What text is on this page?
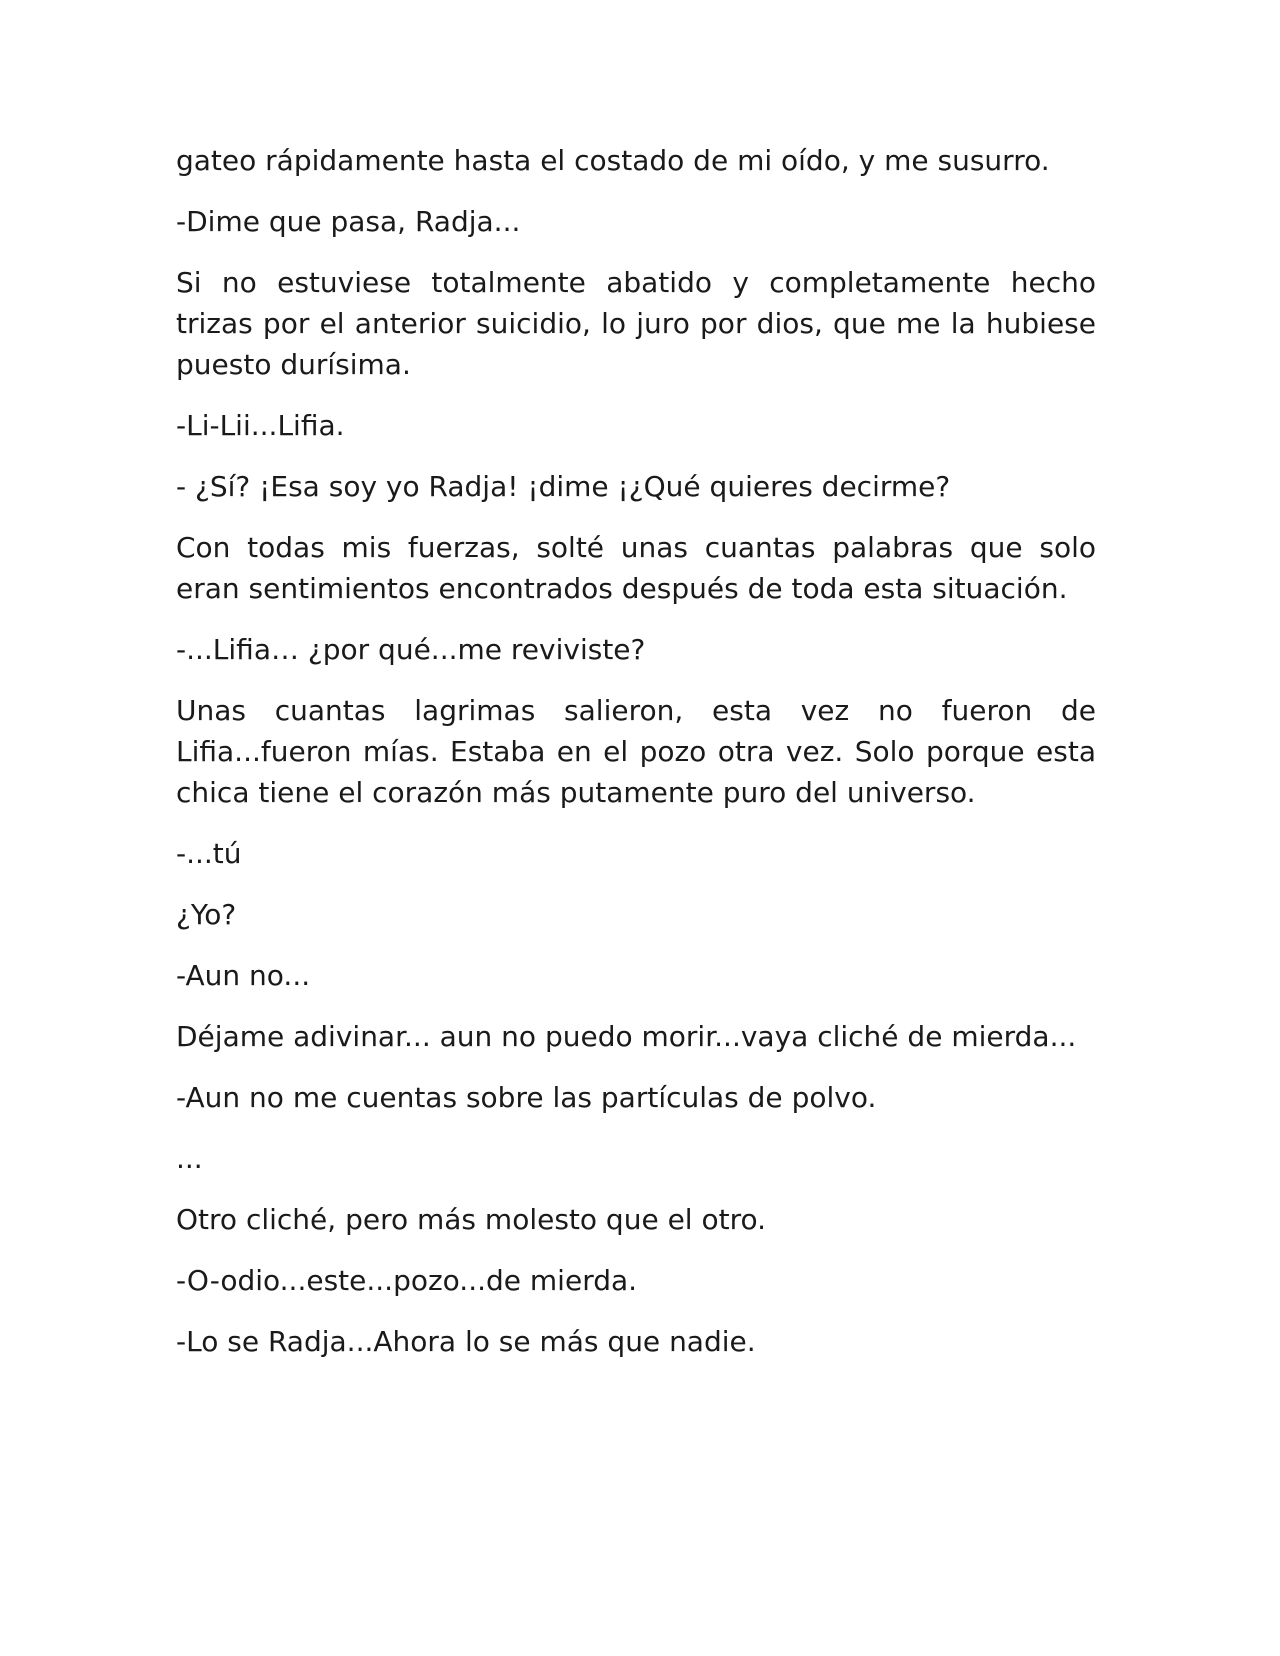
gateo rápidamente hasta el costado de mi oído, y me susurro.

-Dime que pasa, Radja...

Si no estuviese totalmente abatido y completamente hecho trizas por el anterior suicidio, lo juro por dios, que me la hubiese puesto durísima.

-Li-Lii...Lifia.

- ¿Sí? ¡Esa soy yo Radja! ¡dime ¡¿Qué quieres decirme?

Con todas mis fuerzas, solté unas cuantas palabras que solo eran sentimientos encontrados después de toda esta situación.

-...Lifia… ¿por qué...me reviviste?

Unas cuantas lagrimas salieron, esta vez no fueron de Lifia...fueron mías. Estaba en el pozo otra vez. Solo porque esta chica tiene el corazón más putamente puro del universo.

-...tú

¿Yo?

-Aun no...

Déjame adivinar... aun no puedo morir...vaya cliché de mierda...

-Aun no me cuentas sobre las partículas de polvo.

...

Otro cliché, pero más molesto que el otro.

-O-odio...este...pozo...de mierda.

-Lo se Radja...Ahora lo se más que nadie.
